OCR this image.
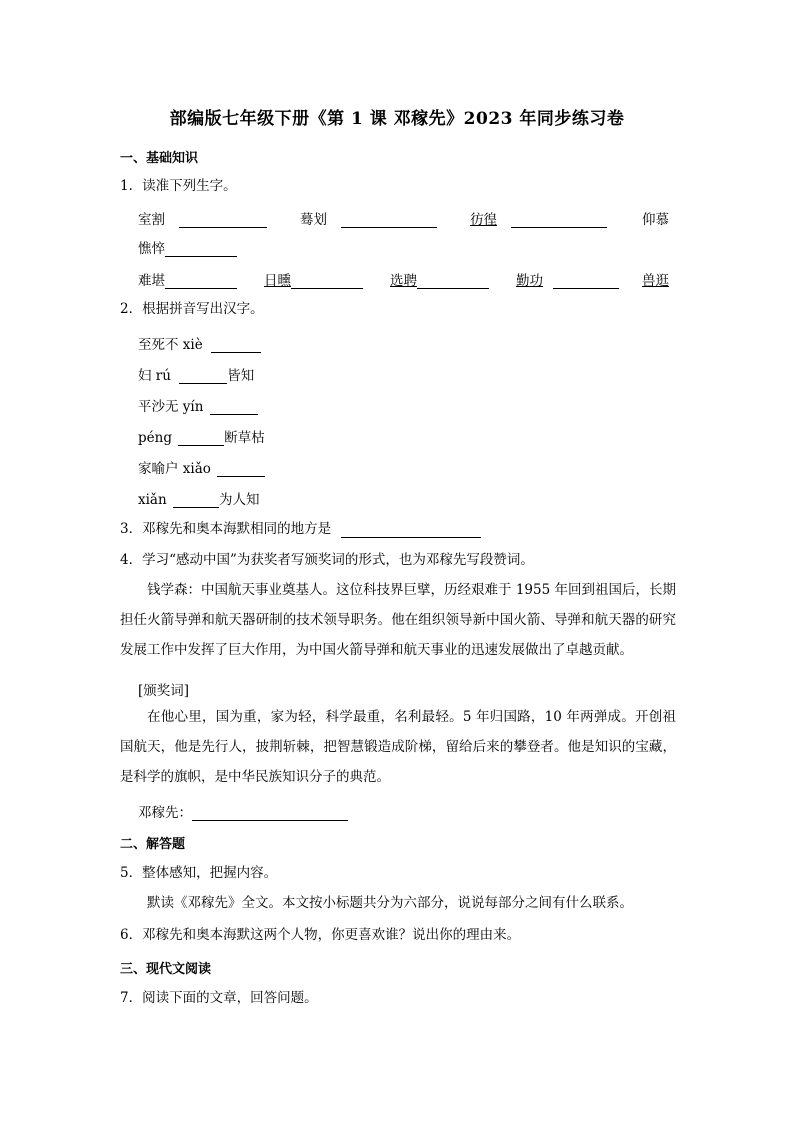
部编版七年级下册《第 1 课 邓稼先》2023 年同步练习卷
一、基础知识
1．读准下列生字。
室割	蓦划	彷徨	仰慕
憔悴
难堪	日曛	选聘	勤功	兽逛
2．根据拼音写出汉字。
至死不 xiè
妇 rú	皆知
平沙无 yín
péng	断草枯
家喻户 xiǎo
xiǎn	为人知
3．邓稼先和奥本海默相同的地方是
4．学习“感动中国”为获奖者写颁奖词的形式，也为邓稼先写段赞词。
钱学森：中国航天事业奠基人。这位科技界巨擘，历经艰难于 1955 年回到祖国后，长期担任火箭导弹和航天器研制的技术领导职务。他在组织领导新中国火箭、导弹和航天器的研究发展工作中发挥了巨大作用，为中国火箭导弹和航天事业的迅速发展做出了卓越贡献。
[颁奖词]
在他心里，国为重，家为轻，科学最重，名利最轻。5 年归国路，10 年两弹成。开创祖国航天，他是先行人，披荆斩棘，把智慧锻造成阶梯，留给后来的攀登者。他是知识的宝藏，是科学的旗帜，是中华民族知识分子的典范。
邓稼先：
二、解答题
5．整体感知，把握内容。
默读《邓稼先》全文。本文按小标题共分为六部分，说说每部分之间有什么联系。
6．邓稼先和奥本海默这两个人物，你更喜欢谁？说出你的理由来。
三、现代文阅读
7．阅读下面的文章，回答问题。
